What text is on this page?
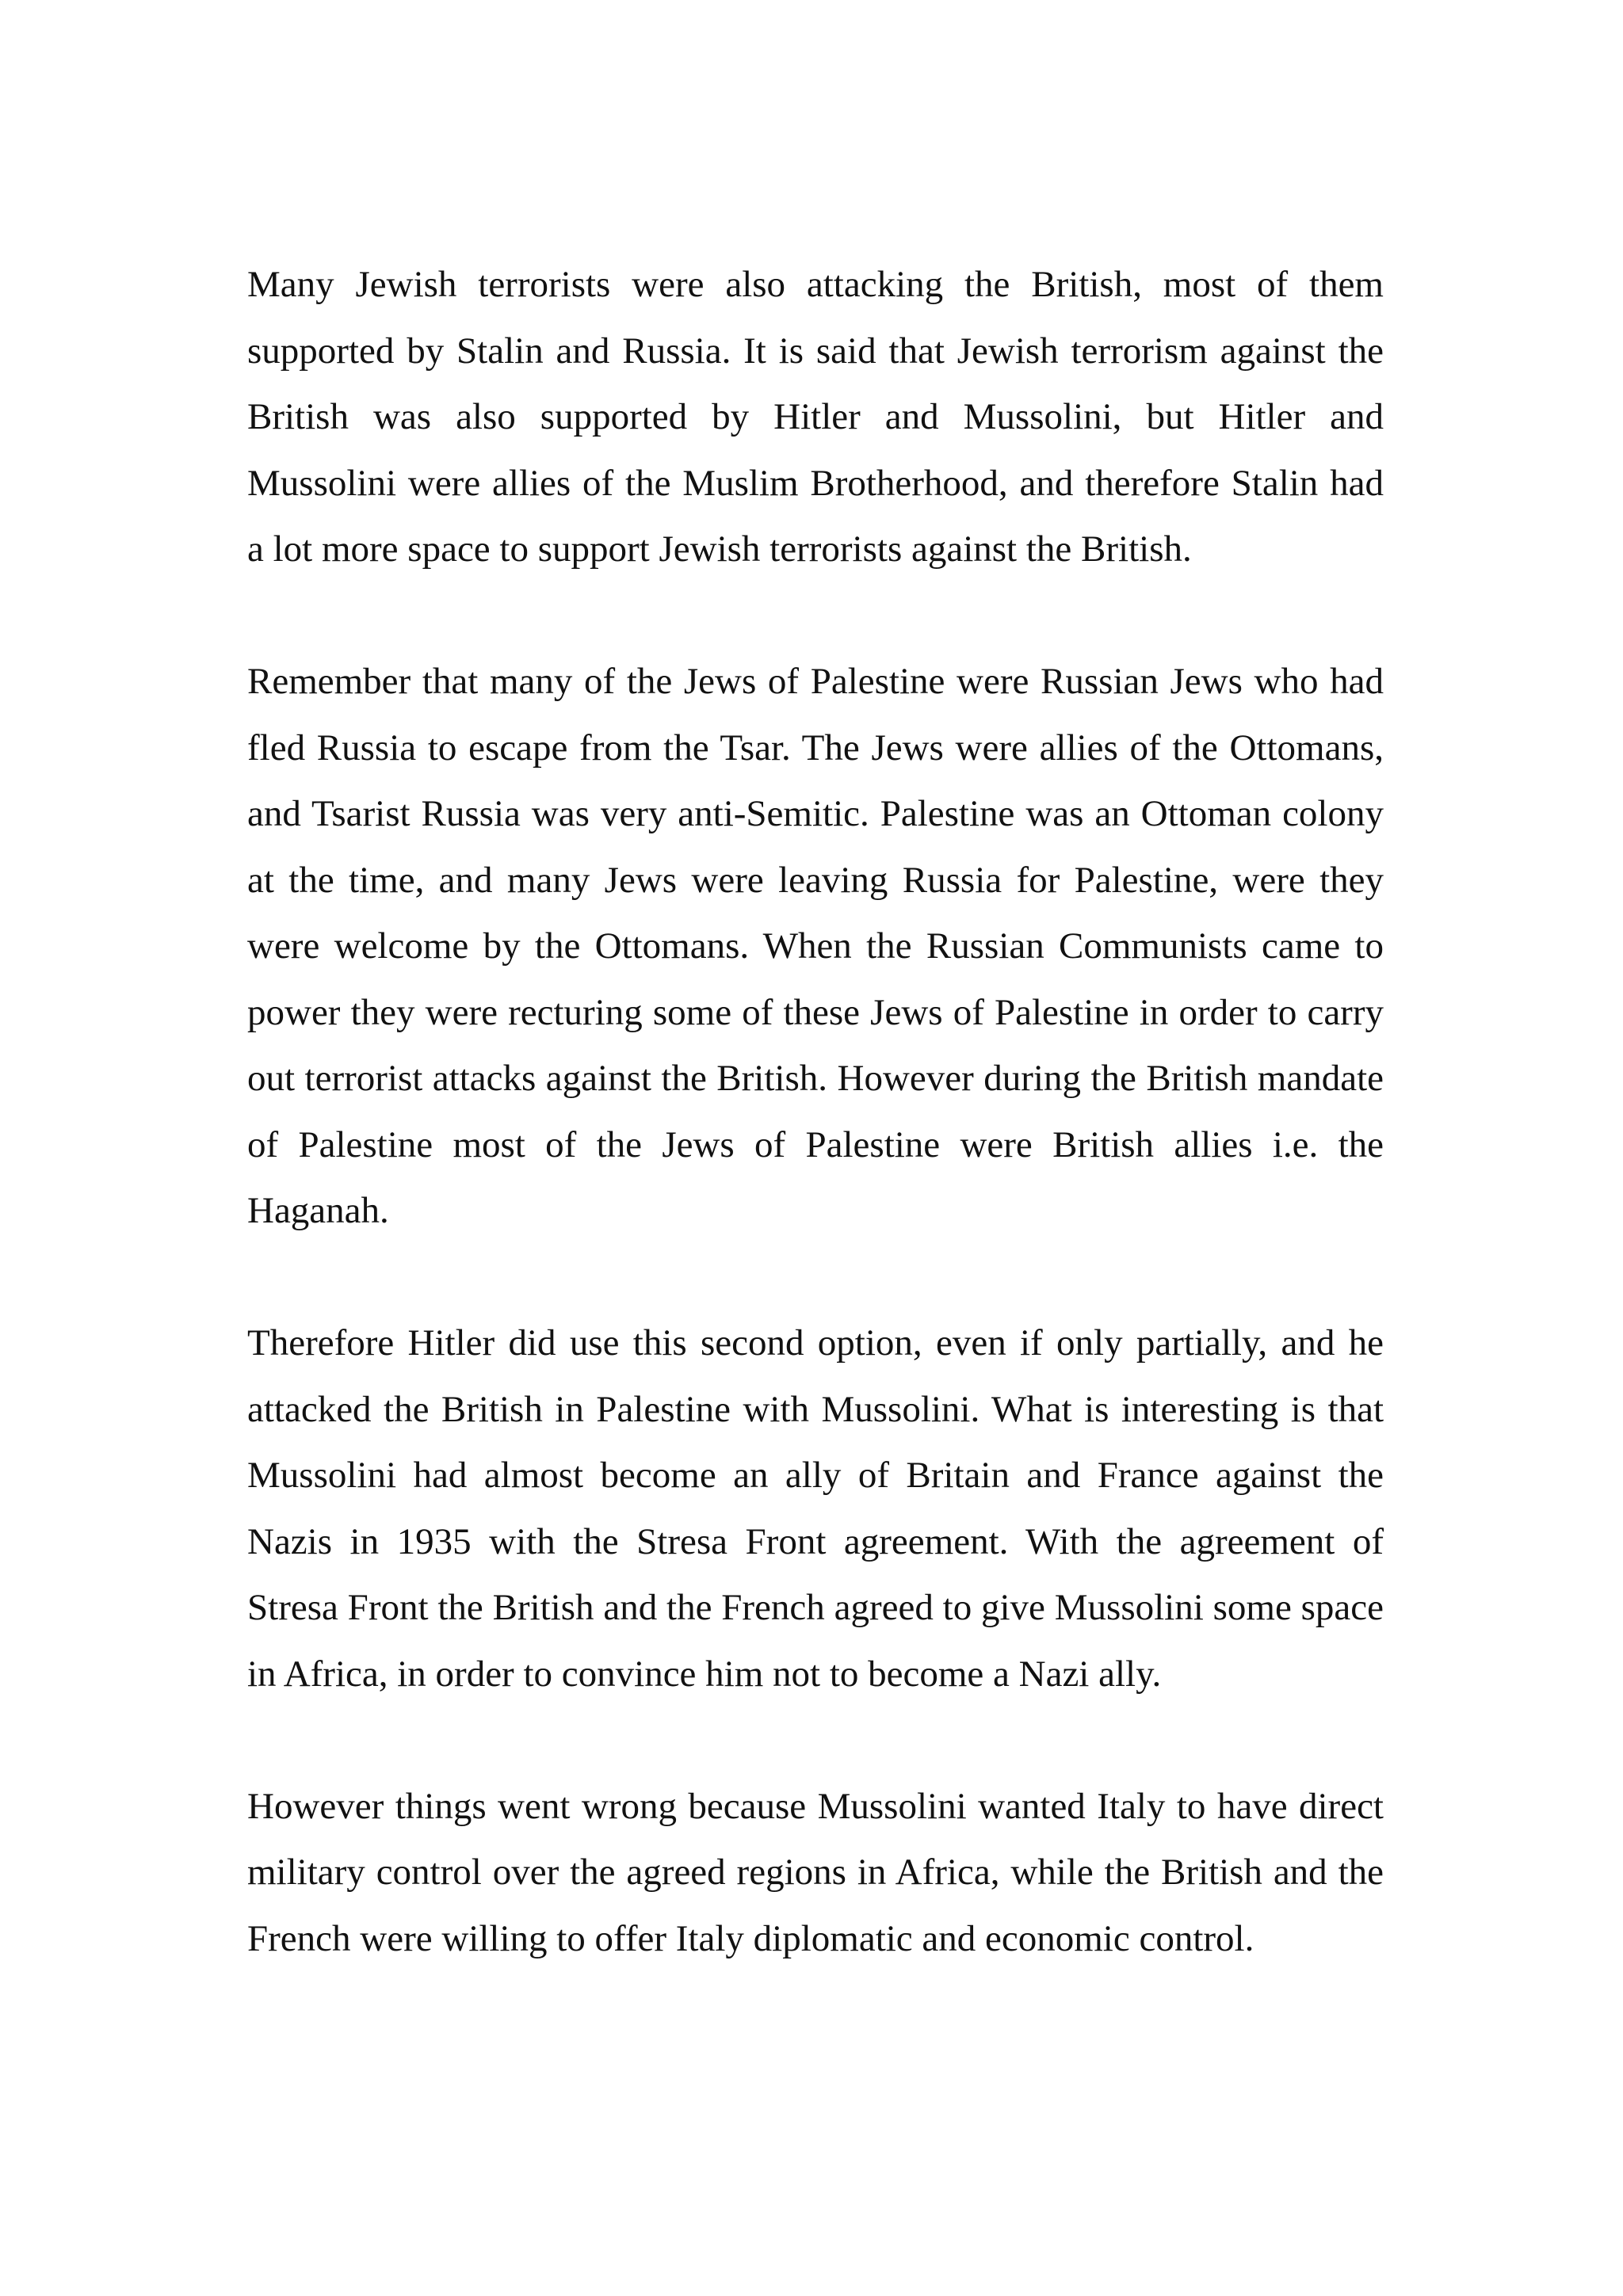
Many Jewish terrorists were also attacking the British, most of them supported by Stalin and Russia. It is said that Jewish terrorism against the British was also supported by Hitler and Mussolini, but Hitler and Mussolini were allies of the Muslim Brotherhood, and therefore Stalin had a lot more space to support Jewish terrorists against the British.

Remember that many of the Jews of Palestine were Russian Jews who had fled Russia to escape from the Tsar. The Jews were allies of the Ottomans, and Tsarist Russia was very anti-Semitic. Palestine was an Ottoman colony at the time, and many Jews were leaving Russia for Palestine, were they were welcome by the Ottomans. When the Russian Communists came to power they were recturing some of these Jews of Palestine in order to carry out terrorist attacks against the British. However during the British mandate of Palestine most of the Jews of Palestine were British allies i.e. the Haganah.

Therefore Hitler did use this second option, even if only partially, and he attacked the British in Palestine with Mussolini. What is interesting is that Mussolini had almost become an ally of Britain and France against the Nazis in 1935 with the Stresa Front agreement. With the agreement of Stresa Front the British and the French agreed to give Mussolini some space in Africa, in order to convince him not to become a Nazi ally.

However things went wrong because Mussolini wanted Italy to have direct military control over the agreed regions in Africa, while the British and the French were willing to offer Italy diplomatic and economic control.
